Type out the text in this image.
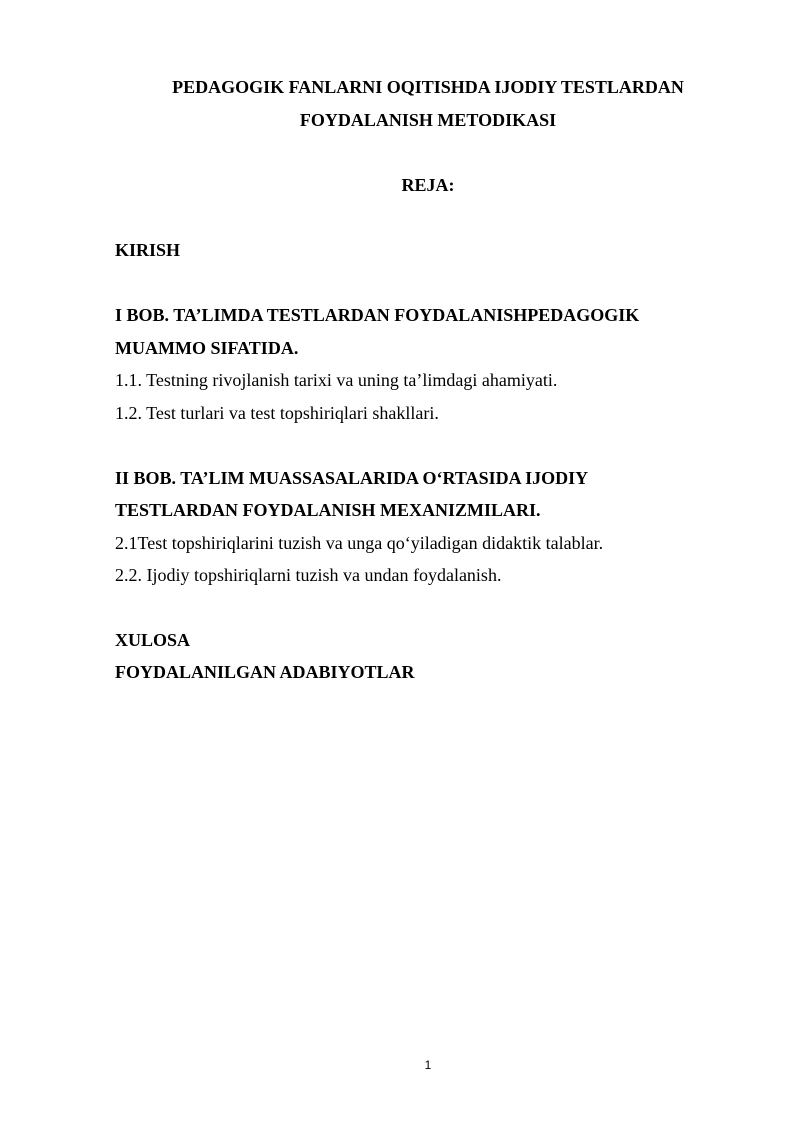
PEDAGOGIK FANLARNI OQITISHDA IJODIY TESTLARDAN
FOYDALANISH METODIKASI
REJA:
KIRISH
I BOB. TA’LIMDA TESTLARDAN FOYDALANISHPEDAGOGIK
MUAMMO SIFATIDA.
1.1. Testning rivojlanish tarixi va uning ta’limdagi ahamiyati.
1.2. Test turlari va test topshiriqlari shakllari.
II BOB. TA’LIM MUASSASALARIDA O‘RTASIDA IJODIY
TESTLARDAN FOYDALANISH MEXANIZMILARI.
2.1Test topshiriqlarini tuzish va unga qo‘yiladigan didaktik talablar.
2.2. Ijodiy topshiriqlarni tuzish va undan foydalanish.
XULOSA
FOYDALANILGAN ADABIYOTLAR
1
